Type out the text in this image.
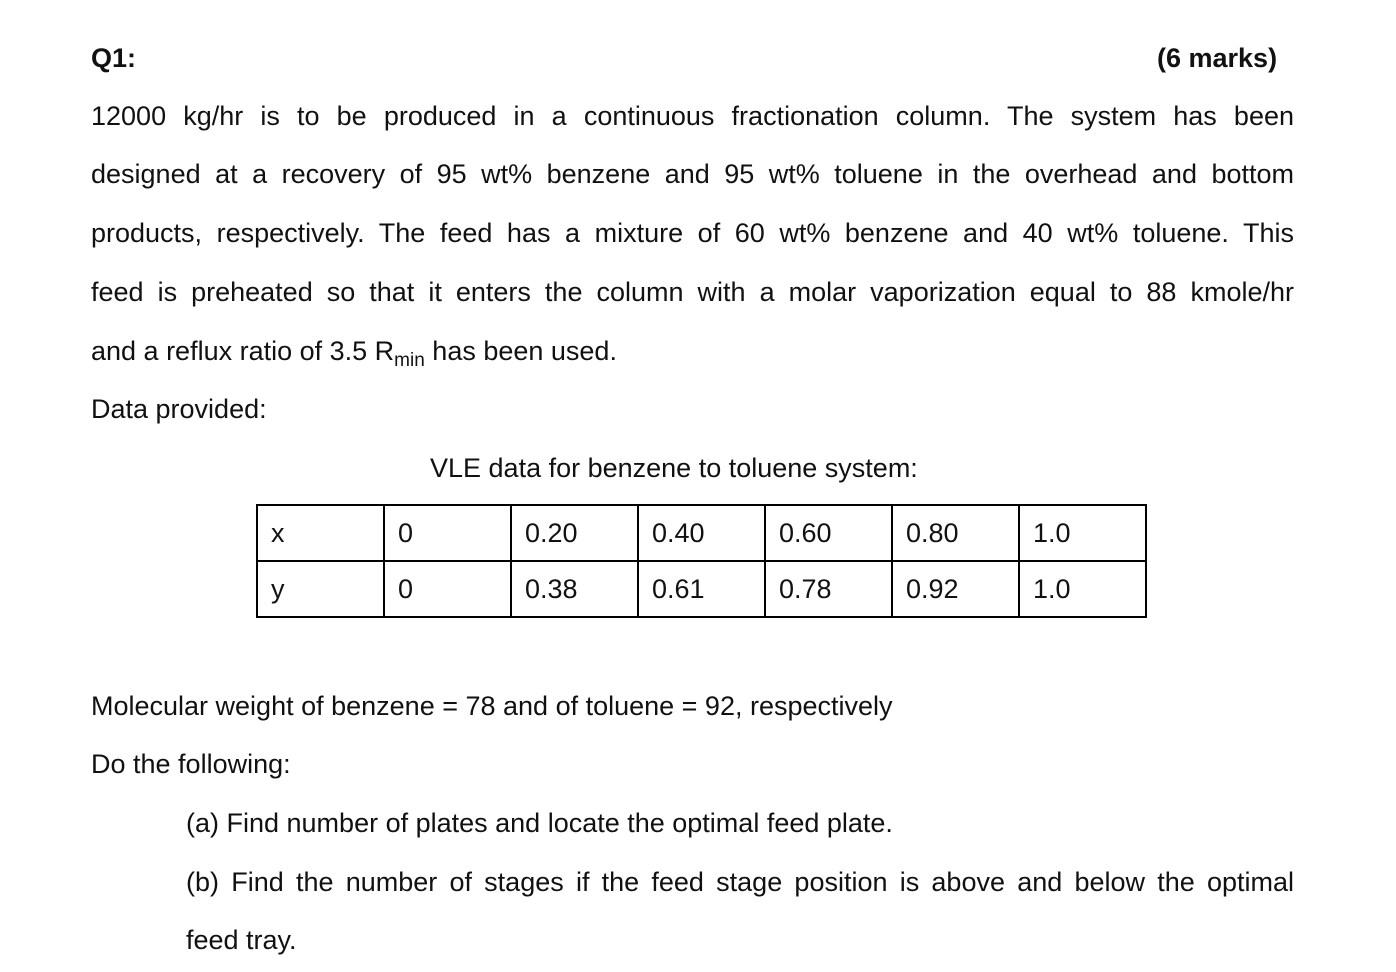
Q1:	(6 marks)
12000 kg/hr is to be produced in a continuous fractionation column. The system has been
designed at a recovery of 95 wt% benzene and 95 wt% toluene in the overhead and bottom
products, respectively. The feed has a mixture of 60 wt% benzene and 40 wt% toluene. This
feed is preheated so that it enters the column with a molar vaporization equal to 88 kmole/hr
and a reflux ratio of 3.5 $R_{min}$ has been used.
Data provided:
VLE data for benzene to toluene system:
x	0	0.20	0.40	0.60	0.80	1.0
y	0	0.38	0.61	0.78	0.92	1.0
Molecular weight of benzene = 78 and of toluene = 92, respectively
Do the following:
(a) Find number of plates and locate the optimal feed plate.
(b) Find the number of stages if the feed stage position is above and below the optimal
feed tray.
